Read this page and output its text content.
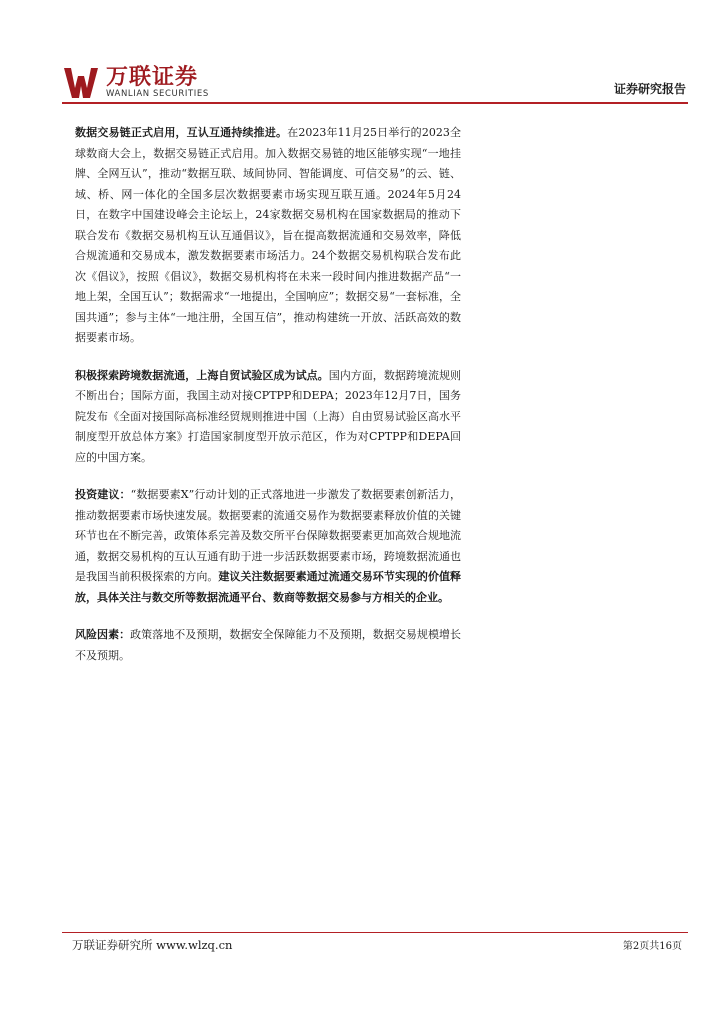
万联证券
WANLIAN SECURITIES	证券研究报告

数据交易链正式启用，互认互通持续推进。在2023年11月25日举行的2023全球数商大会上，数据交易链正式启用。加入数据交易链的地区能够实现“一地挂牌、全网互认”，推动“数据互联、域间协同、智能调度、可信交易”的云、链、域、桥、网一体化的全国多层次数据要素市场实现互联互通。2024年5月24日，在数字中国建设峰会主论坛上，24家数据交易机构在国家数据局的推动下联合发布《数据交易机构互认互通倡议》，旨在提高数据流通和交易效率，降低合规流通和交易成本，激发数据要素市场活力。24个数据交易机构联合发布此次《倡议》，按照《倡议》，数据交易机构将在未来一段时间内推进数据产品“一地上架，全国互认”；数据需求“一地提出，全国响应”；数据交易“一套标准，全国共通”；参与主体“一地注册，全国互信”，推动构建统一开放、活跃高效的数据要素市场。

积极探索跨境数据流通，上海自贸试验区成为试点。国内方面，数据跨境流规则不断出台；国际方面，我国主动对接CPTPP和DEPA；2023年12月7日，国务院发布《全面对接国际高标准经贸规则推进中国（上海）自由贸易试验区高水平制度型开放总体方案》打造国家制度型开放示范区，作为对CPTPP和DEPA回应的中国方案。

投资建议：“数据要素X”行动计划的正式落地进一步激发了数据要素创新活力，推动数据要素市场快速发展。数据要素的流通交易作为数据要素释放价值的关键环节也在不断完善，政策体系完善及数交所平台保障数据要素更加高效合规地流通，数据交易机构的互认互通有助于进一步活跃数据要素市场，跨境数据流通也是我国当前积极探索的方向。建议关注数据要素通过流通交易环节实现的价值释放，具体关注与数交所等数据流通平台、数商等数据交易参与方相关的企业。

风险因素：政策落地不及预期，数据安全保障能力不及预期，数据交易规模增长不及预期。

万联证券研究所 www.wlzq.cn	第2页共16页
